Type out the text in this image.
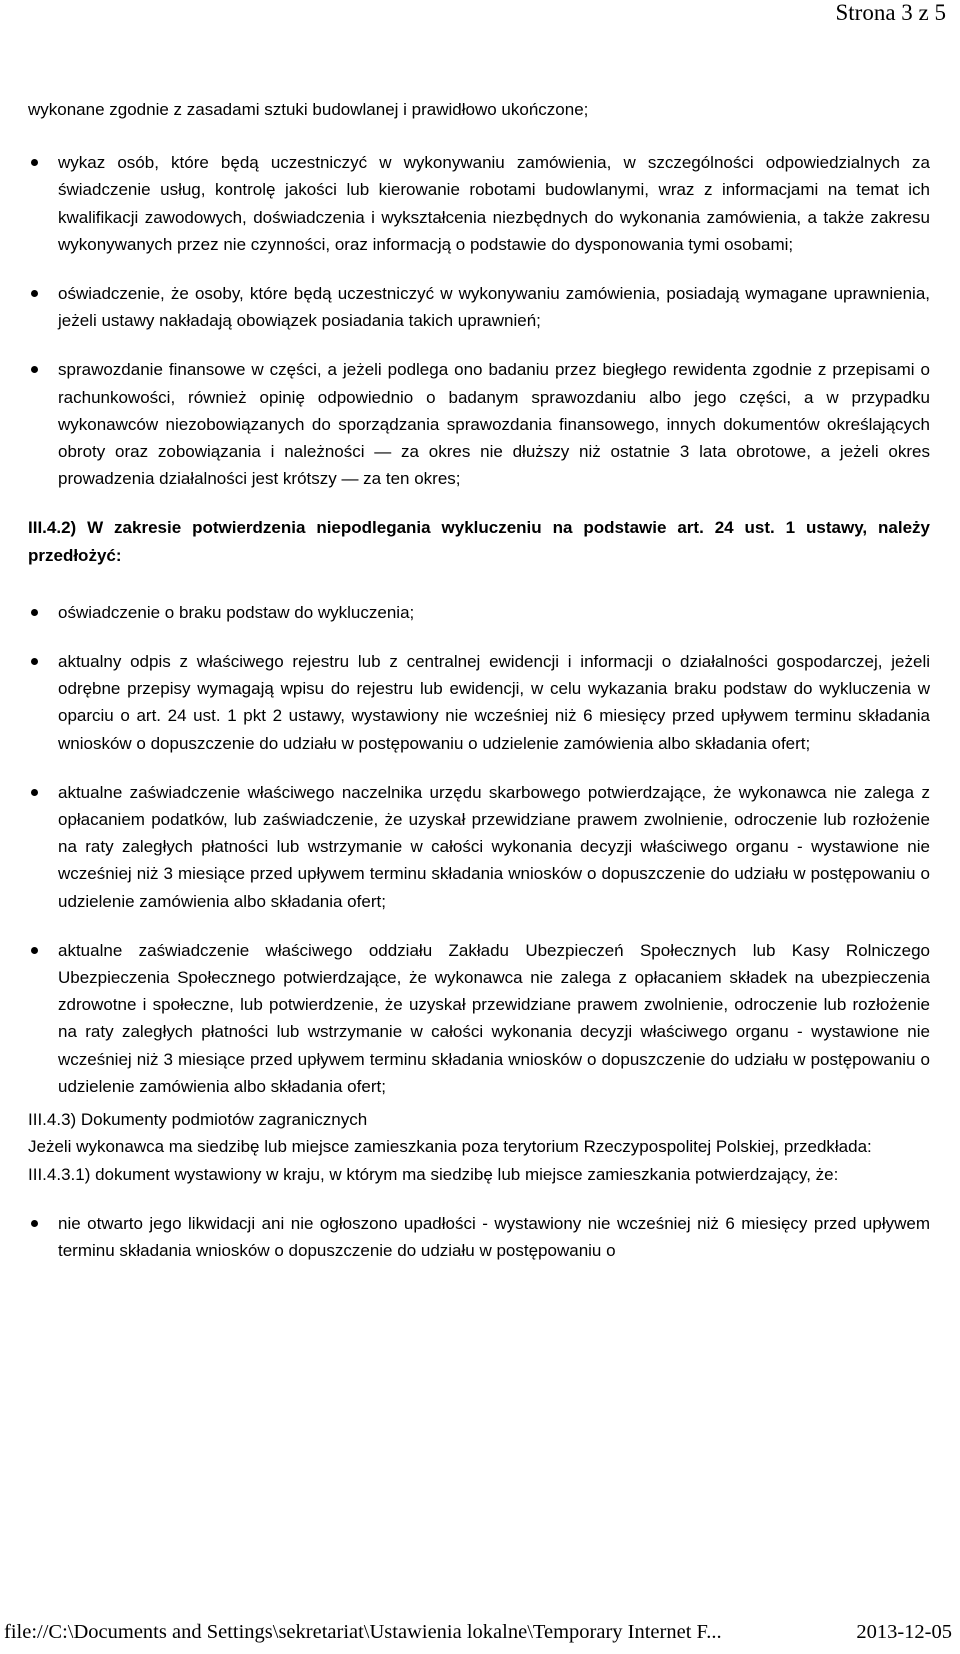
Strona 3 z 5

wykonane zgodnie z zasadami sztuki budowlanej i prawidłowo ukończone;

wykaz osób, które będą uczestniczyć w wykonywaniu zamówienia, w szczególności odpowiedzialnych za świadczenie usług, kontrolę jakości lub kierowanie robotami budowlanymi, wraz z informacjami na temat ich kwalifikacji zawodowych, doświadczenia i wykształcenia niezbędnych do wykonania zamówienia, a także zakresu wykonywanych przez nie czynności, oraz informacją o podstawie do dysponowania tymi osobami;

oświadczenie, że osoby, które będą uczestniczyć w wykonywaniu zamówienia, posiadają wymagane uprawnienia, jeżeli ustawy nakładają obowiązek posiadania takich uprawnień;

sprawozdanie finansowe w części, a jeżeli podlega ono badaniu przez biegłego rewidenta zgodnie z przepisami o rachunkowości, również opinię odpowiednio o badanym sprawozdaniu albo jego części, a w przypadku wykonawców niezobowiązanych do sporządzania sprawozdania finansowego, innych dokumentów określających obroty oraz zobowiązania i należności — za okres nie dłuższy niż ostatnie 3 lata obrotowe, a jeżeli okres prowadzenia działalności jest krótszy — za ten okres;

III.4.2) W zakresie potwierdzenia niepodlegania wykluczeniu na podstawie art. 24 ust. 1 ustawy, należy przedłożyć:

oświadczenie o braku podstaw do wykluczenia;

aktualny odpis z właściwego rejestru lub z centralnej ewidencji i informacji o działalności gospodarczej, jeżeli odrębne przepisy wymagają wpisu do rejestru lub ewidencji, w celu wykazania braku podstaw do wykluczenia w oparciu o art. 24 ust. 1 pkt 2 ustawy, wystawiony nie wcześniej niż 6 miesięcy przed upływem terminu składania wniosków o dopuszczenie do udziału w postępowaniu o udzielenie zamówienia albo składania ofert;

aktualne zaświadczenie właściwego naczelnika urzędu skarbowego potwierdzające, że wykonawca nie zalega z opłacaniem podatków, lub zaświadczenie, że uzyskał przewidziane prawem zwolnienie, odroczenie lub rozłożenie na raty zaległych płatności lub wstrzymanie w całości wykonania decyzji właściwego organu - wystawione nie wcześniej niż 3 miesiące przed upływem terminu składania wniosków o dopuszczenie do udziału w postępowaniu o udzielenie zamówienia albo składania ofert;

aktualne zaświadczenie właściwego oddziału Zakładu Ubezpieczeń Społecznych lub Kasy Rolniczego Ubezpieczenia Społecznego potwierdzające, że wykonawca nie zalega z opłacaniem składek na ubezpieczenia zdrowotne i społeczne, lub potwierdzenie, że uzyskał przewidziane prawem zwolnienie, odroczenie lub rozłożenie na raty zaległych płatności lub wstrzymanie w całości wykonania decyzji właściwego organu - wystawione nie wcześniej niż 3 miesiące przed upływem terminu składania wniosków o dopuszczenie do udziału w postępowaniu o udzielenie zamówienia albo składania ofert;

III.4.3) Dokumenty podmiotów zagranicznych

Jeżeli wykonawca ma siedzibę lub miejsce zamieszkania poza terytorium Rzeczypospolitej Polskiej, przedkłada:

III.4.3.1) dokument wystawiony w kraju, w którym ma siedzibę lub miejsce zamieszkania potwierdzający, że:

nie otwarto jego likwidacji ani nie ogłoszono upadłości - wystawiony nie wcześniej niż 6 miesięcy przed upływem terminu składania wniosków o dopuszczenie do udziału w postępowaniu o

file://C:\Documents and Settings\sekretariat\Ustawienia lokalne\Temporary Internet F...	2013-12-05
